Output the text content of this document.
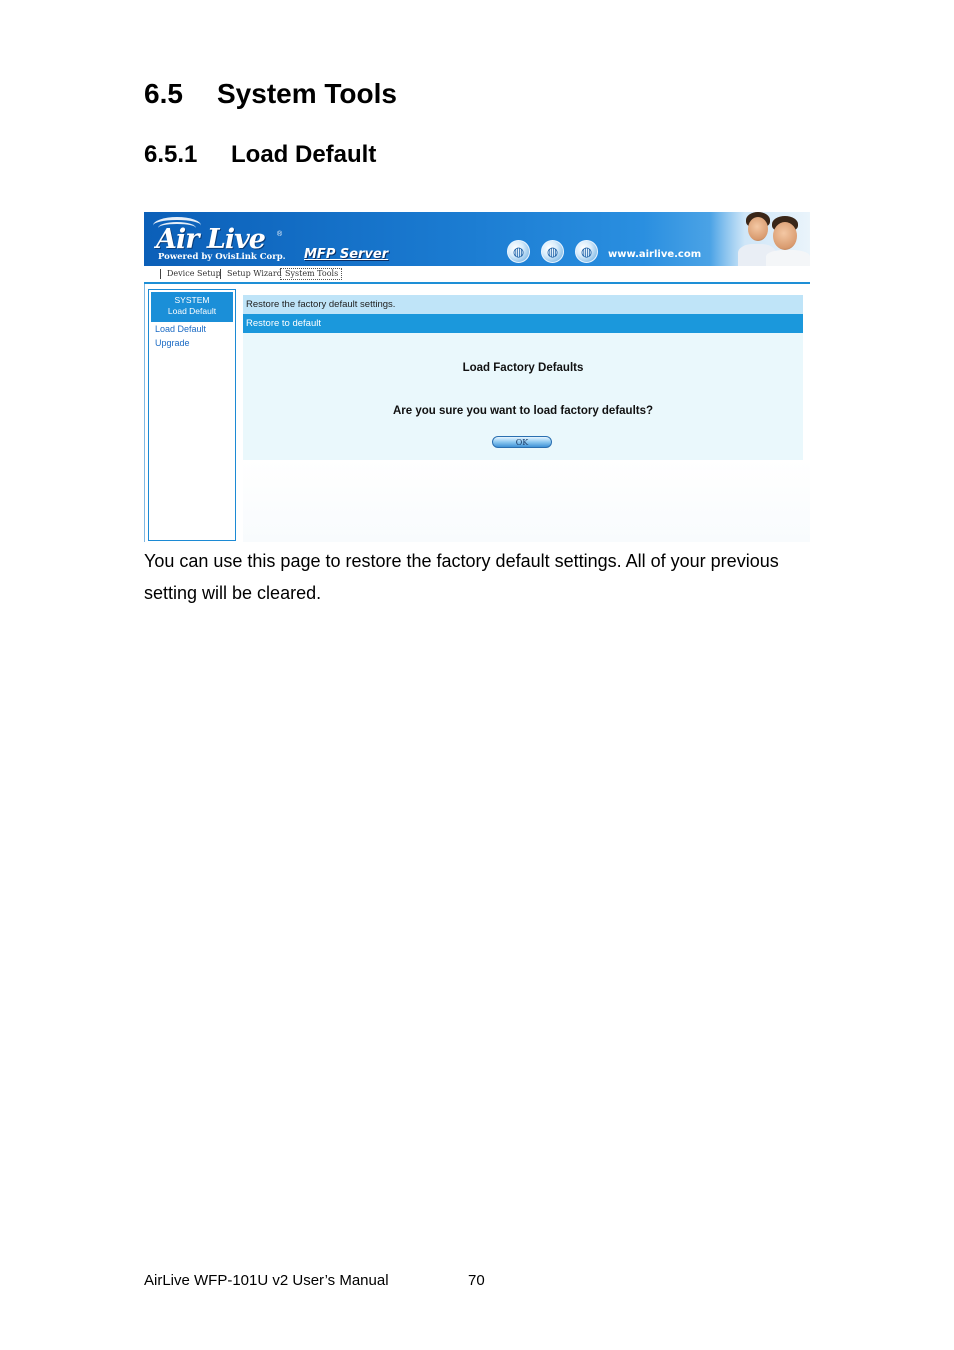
6.5	System Tools
6.5.1	Load Default
Air Live ®
Powered by OvisLink Corp. MFP Server	◍	◍	◍	www.airlive.com
Device Setup Setup Wizard System Tools
SYSTEM
Load Default
Load Default
Upgrade
Restore the factory default settings.
Restore to default
Load Factory Defaults
Are you sure you want to load factory defaults?
OK

You can use this page to restore the factory default settings. All of your previous setting will be cleared.

AirLive WFP-101U v2 User’s Manual	70
